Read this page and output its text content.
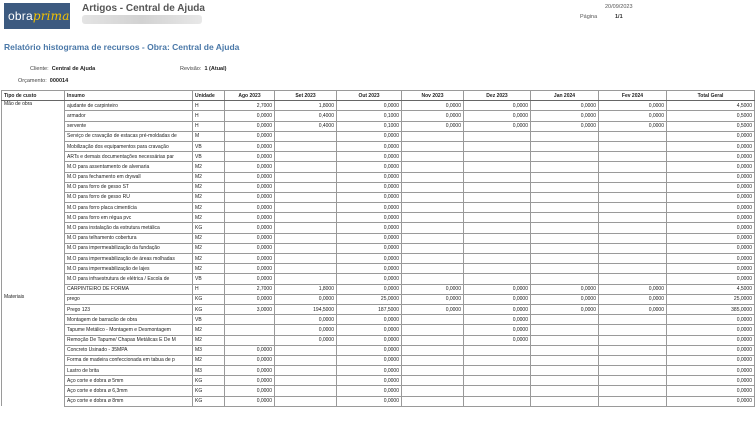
obraprima
Artigos - Central de Ajuda	20/09/2023
Página	1/1
Relatório histograma de recursos - Obra: Central de Ajuda
Cliente: Central de Ajuda	Revisão: 1 (Atual)
Orçamento: 000014
Tipo de custo	Insumo	Unidade	Ago 2023	Set 2023	Out 2023	Nov 2023	Dez 2023	Jan 2024	Fev 2024	Total Geral
Mão de obra	ajudante de carpinteiro	H	2,7000	1,8000	0,0000	0,0000	0,0000	0,0000	0,0000	4,5000
	armador	H	0,0000	0,4000	0,1000	0,0000	0,0000	0,0000	0,0000	0,5000
	servente	H	0,0000	0,4000	0,1000	0,0000	0,0000	0,0000	0,0000	0,5000
	Serviço de cravação de estacas pré-moldadas de	M	0,0000		0,0000					0,0000
	Mobilização dos equipamentos para cravação	VB	0,0000		0,0000					0,0000
	ARTs e demais documentações necessárias par	VB	0,0000		0,0000					0,0000
	M.O para assentamento de alvenaria	M2	0,0000		0,0000					0,0000
	M.O para fechamento em drywall	M2	0,0000		0,0000					0,0000
	M.O para forro de gesso ST	M2	0,0000		0,0000					0,0000
	M.O para forro de gesso RU	M2	0,0000		0,0000					0,0000
	M.O para forro placa cimentícia	M2	0,0000		0,0000					0,0000
	M.O para forro em régua pvc	M2	0,0000		0,0000					0,0000
	M.O para instalação da estrutura metálica	KG	0,0000		0,0000					0,0000
	M.O para telhamento cobertura	M2	0,0000		0,0000					0,0000
	M.O para impermeabilização da fundação	M2	0,0000		0,0000					0,0000
	M.O para impermeabilização de áreas molhadas	M2	0,0000		0,0000					0,0000
	M.O para impermeabilização de lajes	M2	0,0000		0,0000					0,0000
	M.O para infraestrutura de elétrica / Escola de	VB	0,0000		0,0000					0,0000
	CARPINTEIRO DE FORMA	H	2,7000	1,8000	0,0000	0,0000	0,0000	0,0000	0,0000	4,5000
Materiais	prego	KG	0,0000	0,0000	25,0000	0,0000	0,0000	0,0000	0,0000	25,0000
	Prego 123	KG	3,0000	194,5000	187,5000	0,0000	0,0000	0,0000	0,0000	385,0000
	Montagem de barracão de obra	VB		0,0000	0,0000		0,0000			0,0000
	Tapume Metálico - Montagem e Desmontagem	M2		0,0000	0,0000		0,0000			0,0000
	Remoção De Tapume/ Chapas Metálicas E De M	M2		0,0000	0,0000		0,0000			0,0000
	Concreto Usinado - 35MPA	M3	0,0000		0,0000					0,0000
	Forma de madeira confeccionada em tabua de p	M2	0,0000		0,0000					0,0000
	Lastro de brita	M3	0,0000		0,0000					0,0000
	Aço corte e dobra ø 5mm	KG	0,0000		0,0000					0,0000
	Aço corte e dobra ø 6,3mm	KG	0,0000		0,0000					0,0000
	Aço corte e dobra ø 8mm	KG	0,0000		0,0000					0,0000
